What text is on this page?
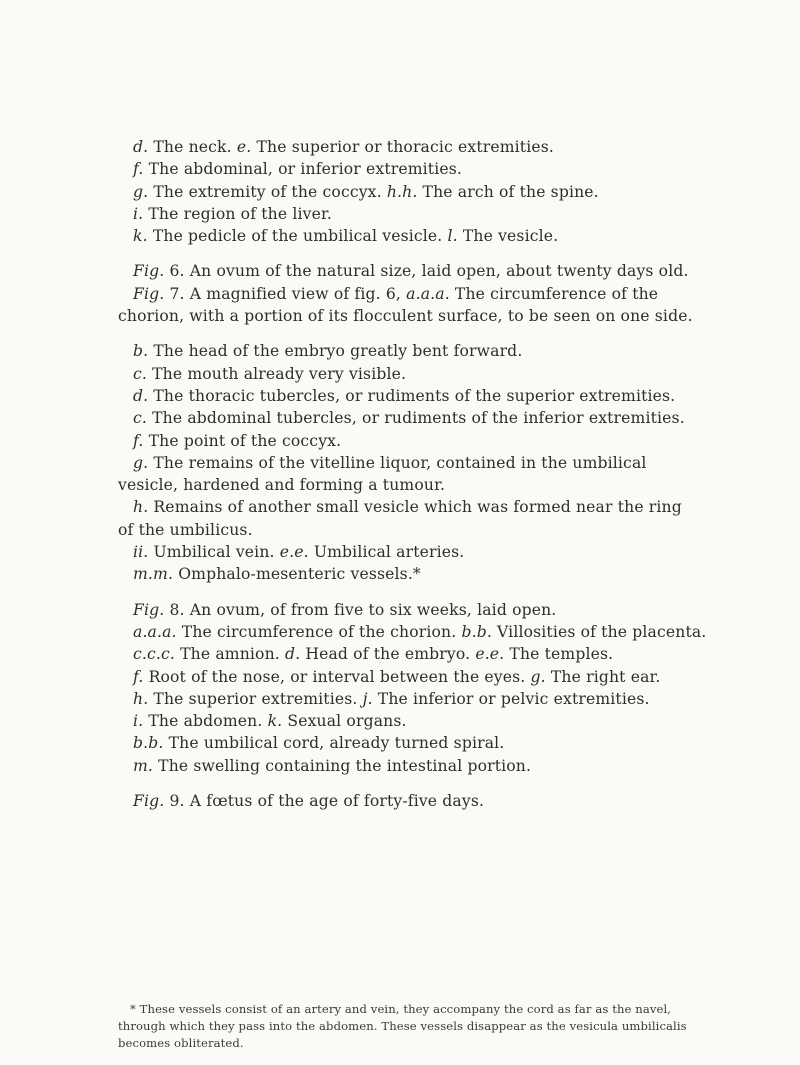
d. The neck. e. The superior or thoracic extremities.
f. The abdominal, or inferior extremities.
g. The extremity of the coccyx. h.h. The arch of the spine.
i. The region of the liver.
k. The pedicle of the umbilical vesicle. l. The vesicle.
Fig. 6. An ovum of the natural size, laid open, about twenty days old.
Fig. 7. A magnified view of fig. 6, a.a.a. The circumference of the
chorion, with a portion of its flocculent surface, to be seen on one side.
b. The head of the embryo greatly bent forward.
c. The mouth already very visible.
d. The thoracic tubercles, or rudiments of the superior extremities.
c. The abdominal tubercles, or rudiments of the inferior extremities.
f. The point of the coccyx.
g. The remains of the vitelline liquor, contained in the umbilical
vesicle, hardened and forming a tumour.
h. Remains of another small vesicle which was formed near the ring
of the umbilicus.
ii. Umbilical vein. e.e. Umbilical arteries.
m.m. Omphalo-mesenteric vessels.*
Fig. 8. An ovum, of from five to six weeks, laid open.
a.a.a. The circumference of the chorion. b.b. Villosities of the placenta.
c.c.c. The amnion. d. Head of the embryo. e.e. The temples.
f. Root of the nose, or interval between the eyes. g. The right ear.
h. The superior extremities. j. The inferior or pelvic extremities.
i. The abdomen. k. Sexual organs.
b.b. The umbilical cord, already turned spiral.
m. The swelling containing the intestinal portion.
Fig. 9. A fœtus of the age of forty-five days.
* These vessels consist of an artery and vein, they accompany the cord as far as the navel,
through which they pass into the abdomen. These vessels disappear as the vesicula umbilicalis
becomes obliterated.
